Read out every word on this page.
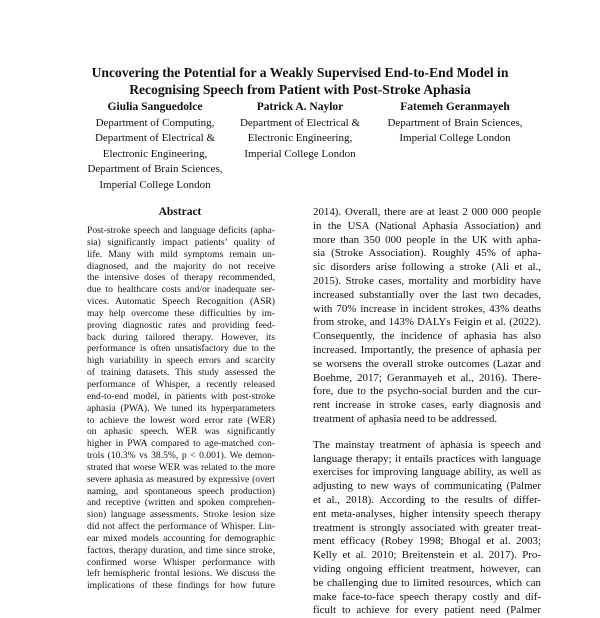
Uncovering the Potential for a Weakly Supervised End-to-End Model in
Recognising Speech from Patient with Post-Stroke Aphasia
Giulia Sanguedolce
Department of Computing,
Department of Electrical &
Electronic Engineering,
Department of Brain Sciences,
Imperial College London
Patrick A. Naylor
Department of Electrical &
Electronic Engineering,
Imperial College London
Fatemeh Geranmayeh
Department of Brain Sciences,
Imperial College London
Abstract
Post-stroke speech and language deficits (apha-
sia) significantly impact patients’ quality of
life. Many with mild symptoms remain un-
diagnosed, and the majority do not receive
the intensive doses of therapy recommended,
due to healthcare costs and/or inadequate ser-
vices. Automatic Speech Recognition (ASR)
may help overcome these difficulties by im-
proving diagnostic rates and providing feed-
back during tailored therapy. However, its
performance is often unsatisfactory due to the
high variability in speech errors and scarcity
of training datasets. This study assessed the
performance of Whisper, a recently released
end-to-end model, in patients with post-stroke
aphasia (PWA). We tuned its hyperparameters
to achieve the lowest word error rate (WER)
on aphasic speech. WER was significantly
higher in PWA compared to age-matched con-
trols (10.3% vs 38.5%, p < 0.001). We demon-
strated that worse WER was related to the more
severe aphasia as measured by expressive (overt
naming, and spontaneous speech production)
and receptive (written and spoken comprehen-
sion) language assessments. Stroke lesion size
did not affect the performance of Whisper. Lin-
ear mixed models accounting for demographic
factors, therapy duration, and time since stroke,
confirmed worse Whisper performance with
left hemispheric frontal lesions. We discuss the
implications of these findings for how future
2014). Overall, there are at least 2 000 000 people
in the USA (National Aphasia Association) and
more than 350 000 people in the UK with apha-
sia (Stroke Association). Roughly 45% of apha-
sic disorders arise following a stroke (Ali et al.,
2015). Stroke cases, mortality and morbidity have
increased substantially over the last two decades,
with 70% increase in incident strokes, 43% deaths
from stroke, and 143% DALYs Feigin et al. (2022).
Consequently, the incidence of aphasia has also
increased. Importantly, the presence of aphasia per
se worsens the overall stroke outcomes (Lazar and
Boehme, 2017; Geranmayeh et al., 2016). There-
fore, due to the psycho-social burden and the cur-
rent increase in stroke cases, early diagnosis and
treatment of aphasia need to be addressed.
The mainstay treatment of aphasia is speech and
language therapy; it entails practices with language
exercises for improving language ability, as well as
adjusting to new ways of communicating (Palmer
et al., 2018). According to the results of differ-
ent meta-analyses, higher intensity speech therapy
treatment is strongly associated with greater treat-
ment efficacy (Robey 1998; Bhogal et al. 2003;
Kelly et al. 2010; Breitenstein et al. 2017). Pro-
viding ongoing efficient treatment, however, can
be challenging due to limited resources, which can
make face-to-face speech therapy costly and dif-
ficult to achieve for every patient need (Palmer
